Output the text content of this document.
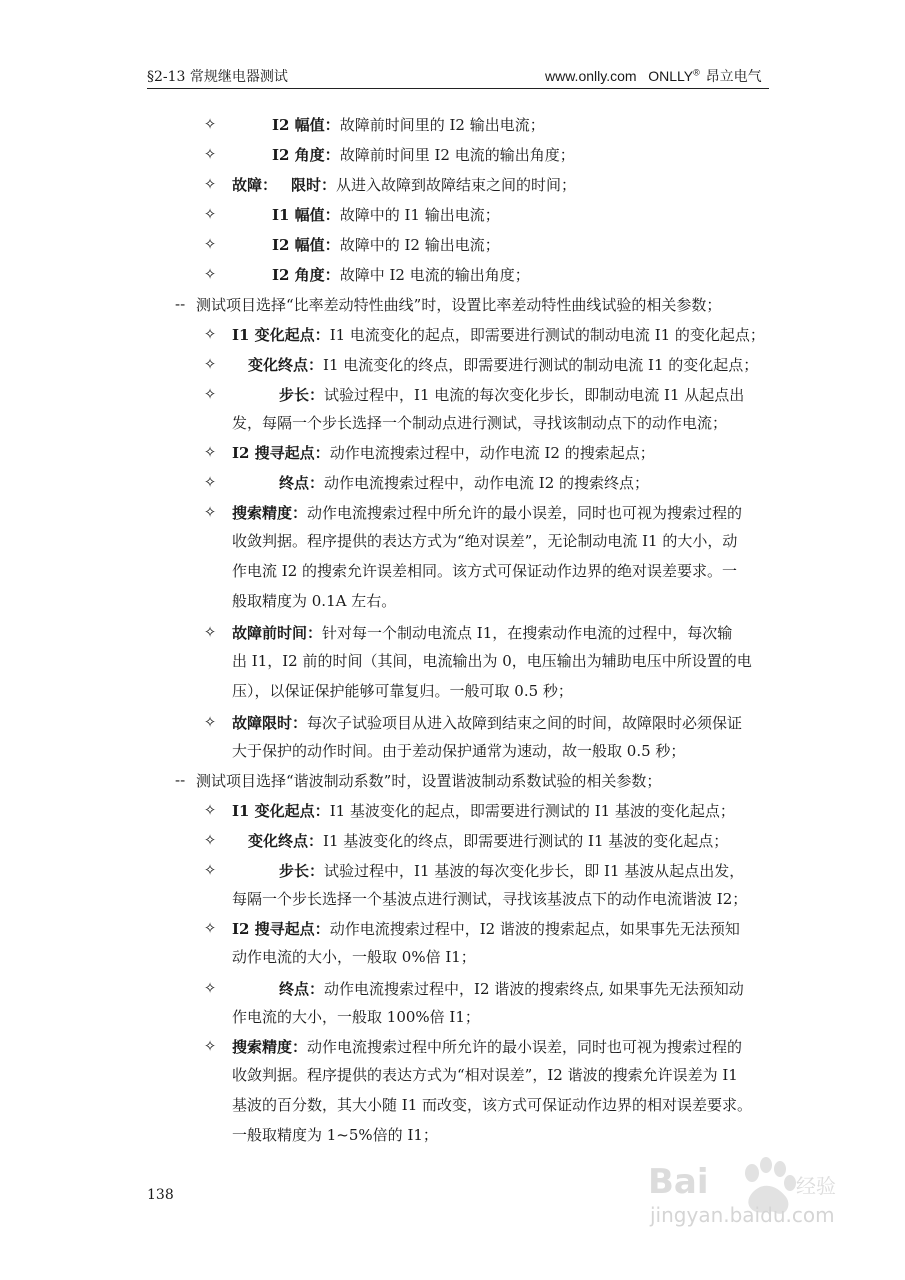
§2-13 常规继电器测试	www.onlly.com ONLLY® 昂立电气
✧	I2 幅值：故障前时间里的 I2 输出电流；
✧	I2 角度：故障前时间里 I2 电流的输出角度；
✧ 故障： 限时：从进入故障到故障结束之间的时间；
✧	I1 幅值：故障中的 I1 输出电流；
✧	I2 幅值：故障中的 I2 输出电流；
✧	I2 角度：故障中 I2 电流的输出角度；
-- 测试项目选择“比率差动特性曲线”时，设置比率差动特性曲线试验的相关参数；
✧ I1 变化起点：I1 电流变化的起点，即需要进行测试的制动电流 I1 的变化起点；
✧ 变化终点：I1 电流变化的终点，即需要进行测试的制动电流 I1 的变化起点；
✧	步长：试验过程中，I1 电流的每次变化步长，即制动电流 I1 从起点出
发，每隔一个步长选择一个制动点进行测试，寻找该制动点下的动作电流；
✧ I2 搜寻起点：动作电流搜索过程中，动作电流 I2 的搜索起点；
✧	终点：动作电流搜索过程中，动作电流 I2 的搜索终点；
✧ 搜索精度：动作电流搜索过程中所允许的最小误差，同时也可视为搜索过程的
收敛判据。程序提供的表达方式为“绝对误差”，无论制动电流 I1 的大小，动
作电流 I2 的搜索允许误差相同。该方式可保证动作边界的绝对误差要求。一
般取精度为 0.1A 左右。
✧ 故障前时间：针对每一个制动电流点 I1，在搜索动作电流的过程中，每次输
出 I1，I2 前的时间（其间，电流输出为 0，电压输出为辅助电压中所设置的电
压），以保证保护能够可靠复归。一般可取 0.5 秒；
✧ 故障限时：每次子试验项目从进入故障到结束之间的时间，故障限时必须保证
大于保护的动作时间。由于差动保护通常为速动，故一般取 0.5 秒；
-- 测试项目选择“谐波制动系数”时，设置谐波制动系数试验的相关参数；
✧ I1 变化起点：I1 基波变化的起点，即需要进行测试的 I1 基波的变化起点；
✧ 变化终点：I1 基波变化的终点，即需要进行测试的 I1 基波的变化起点；
✧	步长：试验过程中，I1 基波的每次变化步长，即 I1 基波从起点出发，
每隔一个步长选择一个基波点进行测试，寻找该基波点下的动作电流谐波 I2；
✧ I2 搜寻起点：动作电流搜索过程中，I2 谐波的搜索起点，如果事先无法预知
动作电流的大小，一般取 0%倍 I1；
✧	终点：动作电流搜索过程中，I2 谐波的搜索终点, 如果事先无法预知动
作电流的大小，一般取 100%倍 I1；
✧ 搜索精度：动作电流搜索过程中所允许的最小误差，同时也可视为搜索过程的
收敛判据。程序提供的表达方式为“相对误差”，I2 谐波的搜索允许误差为 I1
基波的百分数，其大小随 I1 而改变，该方式可保证动作边界的相对误差要求。
一般取精度为 1~5%倍的 I1；
138	Bai	经验
jingyan.baidu.com
